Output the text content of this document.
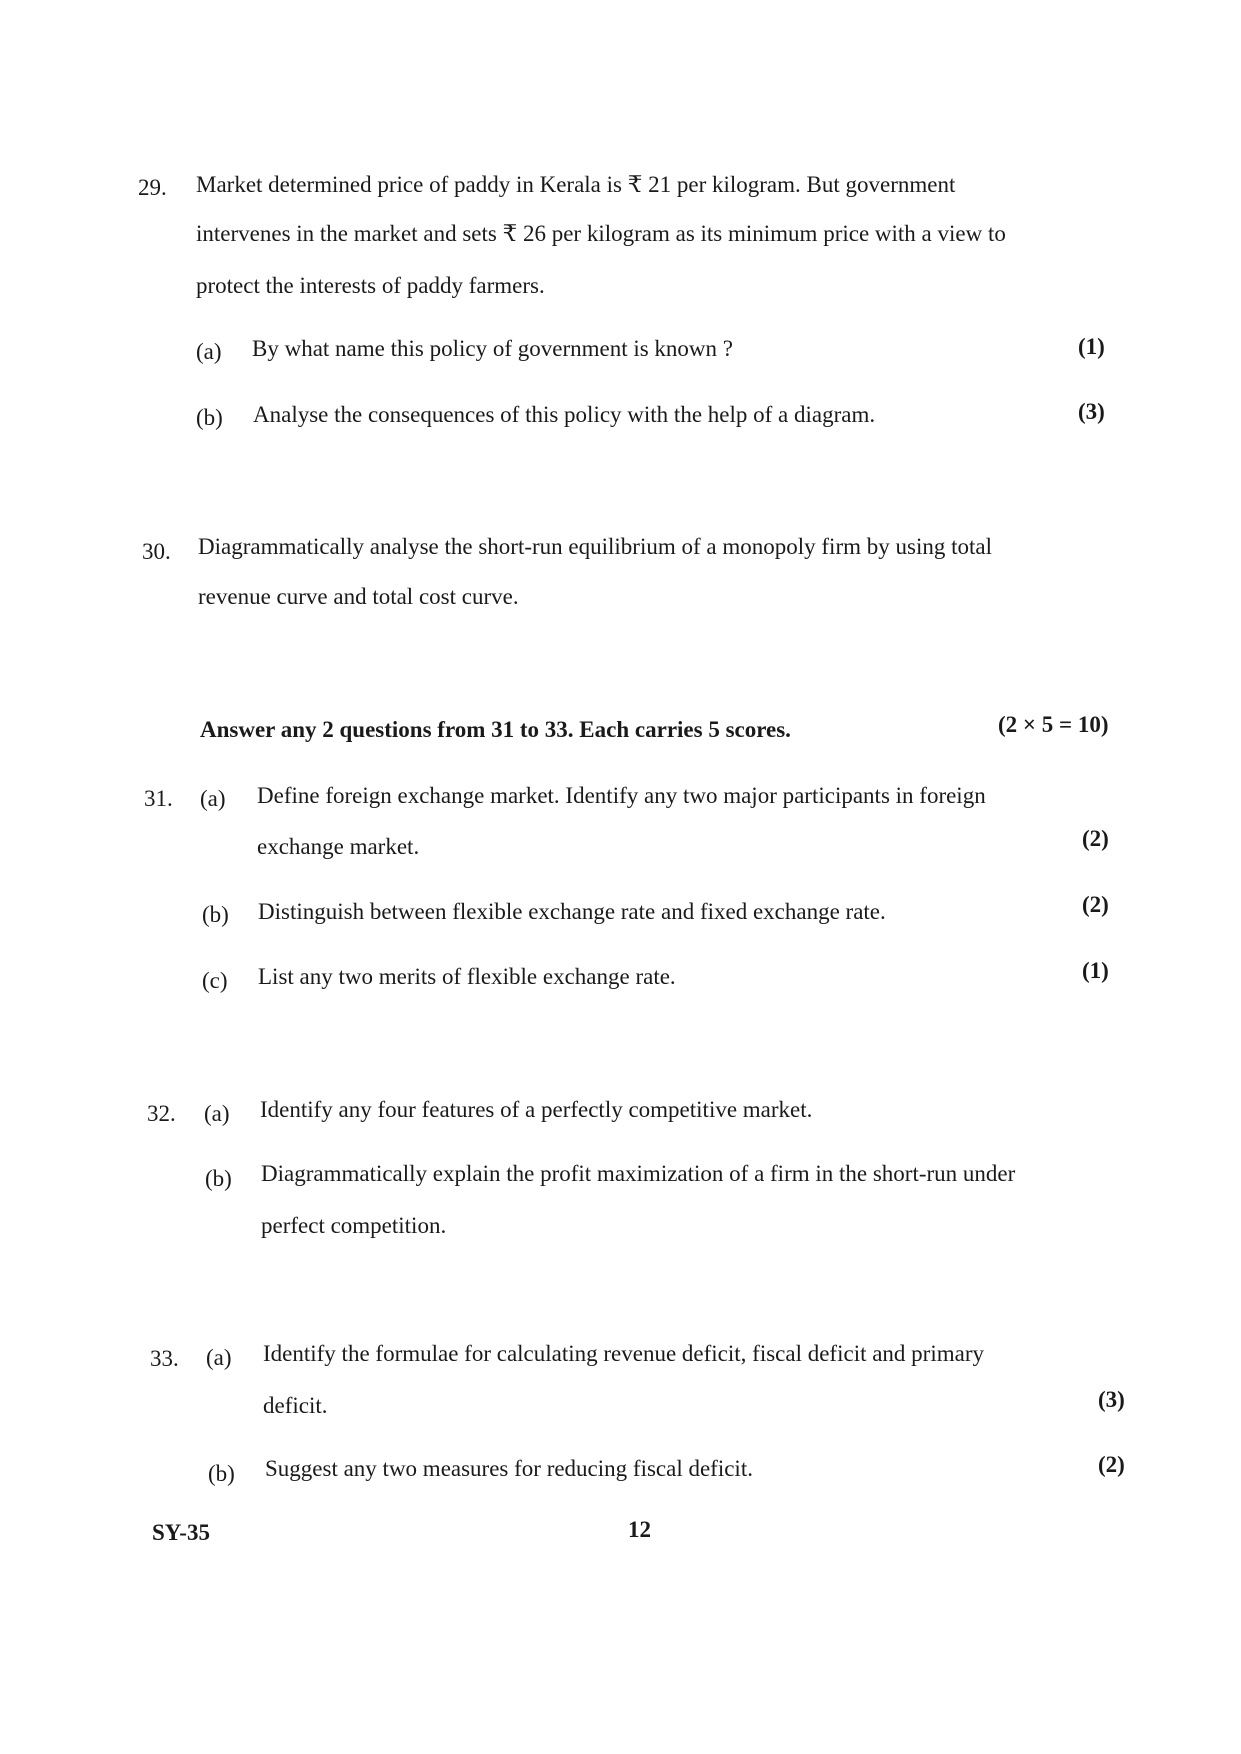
29. Market determined price of paddy in Kerala is ₹ 21 per kilogram. But government
intervenes in the market and sets ₹ 26 per kilogram as its minimum price with a view to
protect the interests of paddy farmers.
(a) By what name this policy of government is known ?	(1)
(b) Analyse the consequences of this policy with the help of a diagram.	(3)
30. Diagrammatically analyse the short-run equilibrium of a monopoly firm by using total
revenue curve and total cost curve.
Answer any 2 questions from 31 to 33. Each carries 5 scores.	(2 × 5 = 10)
31. (a) Define foreign exchange market. Identify any two major participants in foreign
exchange market.	(2)
(b) Distinguish between flexible exchange rate and fixed exchange rate.	(2)
(c) List any two merits of flexible exchange rate.	(1)
32. (a) Identify any four features of a perfectly competitive market.
(b) Diagrammatically explain the profit maximization of a firm in the short-run under
perfect competition.
33. (a) Identify the formulae for calculating revenue deficit, fiscal deficit and primary
deficit.	(3)
(b) Suggest any two measures for reducing fiscal deficit.	(2)
SY-35	12
